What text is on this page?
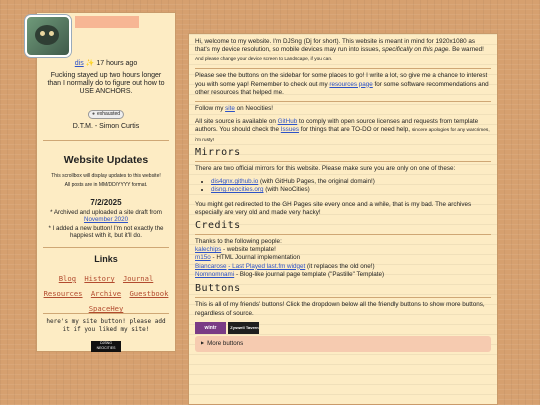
dis ✨ 17 hours ago
Fucking stayed up two hours longer than I normally do to figure out how to USE ANCHORS.
● exhausted
D.T.M. - Simon Curtis
Website Updates
This scrollbox will display updates to this website!
All posts are in MM/DD/YYYY format.
7/2/2025
* Archived and uploaded a site draft from November 2020
* I added a new button! I'm not exactly the happiest with it, but it'll do.
Links
Blog History Journal
Resources Archive Guestbook
SpaceHey
here's my site button! please add it if you liked my site!
DJSNG NEOCITIES

Hi, welcome to my website. I'm DJSng (Dj for short). This website is meant in mind for 1920x1080 as that's my device resolution, so mobile devices may run into issues, specifically on this page. Be warned! And please change your device screen to Landscape, if you can.

Please see the buttons on the sidebar for some places to go! I write a lot, so give me a chance to interest you with some yap! Remember to check out my resources page for some software recommendations and other resources that helped me.

Follow my site on Neocities!

All site source is available on GitHub to comply with open source licenses and requests from template authors. You should check the Issues for things that are TO-DO or need help, sincere apologies for any warcrimes, i'm rusty!

Mirrors

There are two official mirrors for this website. Please make sure you are only on one of these:

• dis4gnx.github.io (with GitHub Pages, the original domain!)
• disng.neocities.org (with NeoCities)

You might get redirected to the GH Pages site every once and a while, that is my bad. The archives especially are very old and made very hacky!

Credits

Thanks to the following people:
kalechips - website template!
m15o - HTML Journal implementation
Biancarose - Last Played last.fm widget (it replaces the old one!)
Nomnomnami - Blog-like journal page template ("Pastille" Template)

Buttons

This is all of my friends' buttons! Click the dropdown below all the friendly buttons to show more buttons, regardless of source.

wintr	Zyswell Tavern
▶ More buttons
